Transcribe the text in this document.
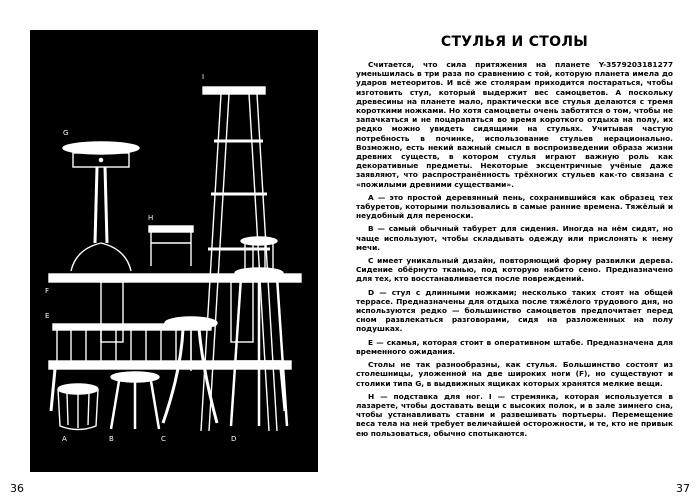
A	B	C	D
E
F
G
H
I
СТУЛЬЯ И СТОЛЫ

Считается, что сила притяжения на планете Y-3579203181277 уменьшилась в три раза по сравнению с той, которую планета имела до ударов метеоритов. И всё же столярам приходится постараться, чтобы изготовить стул, который выдержит вес самоцветов. А поскольку древесины на планете мало, практически все стулья делаются с тремя короткими ножками. Но хотя самоцветы очень заботятся о том, чтобы не запачкаться и не поцарапаться во время короткого отдыха на полу, их редко можно увидеть сидящими на стульях. Учитывая частую потребность в починке, использование стульев нерационально. Возможно, есть некий важный смысл в воспроизведении образа жизни древних существ, в котором стулья играют важную роль как декоративные предметы. Некоторые эксцентричные учёные даже заявляют, что распространённость трёхногих стульев как-то связана с «пожилыми древними существами».

A — это простой деревянный пень, сохранившийся как образец тех табуретов, которыми пользовались в самые ранние времена. Тяжёлый и неудобный для переноски.

B — самый обычный табурет для сидения. Иногда на нём сидят, но чаще используют, чтобы складывать одежду или прислонять к нему мечи.

C имеет уникальный дизайн, повторяющий форму развилки дерева. Сидение обёрнуто тканью, под которую набито сено. Предназначено для тех, кто восстанавливается после повреждений.

D — стул с длинными ножками; несколько таких стоят на общей террасе. Предназначены для отдыха после тяжёлого трудового дня, но используются редко — большинство самоцветов предпочитает перед сном развлекаться разговорами, сидя на разложенных на полу подушках.

E — скамья, которая стоит в оперативном штабе. Предназначена для временного ожидания.

Столы не так разнообразны, как стулья. Большинство состоят из столешницы, уложенной на две широких ноги (F), но существуют и столики типа G, в выдвижных ящиках которых хранятся мелкие вещи.

H — подставка для ног. I — стремянка, которая используется в лазарете, чтобы доставать вещи с высоких полок, и в зале зимнего сна, чтобы устанавливать ставни и развешивать портьеры. Перемещение веса тела на ней требует величайшей осторожности, и те, кто не привык ею пользоваться, обычно спотыкаются.

36	37
